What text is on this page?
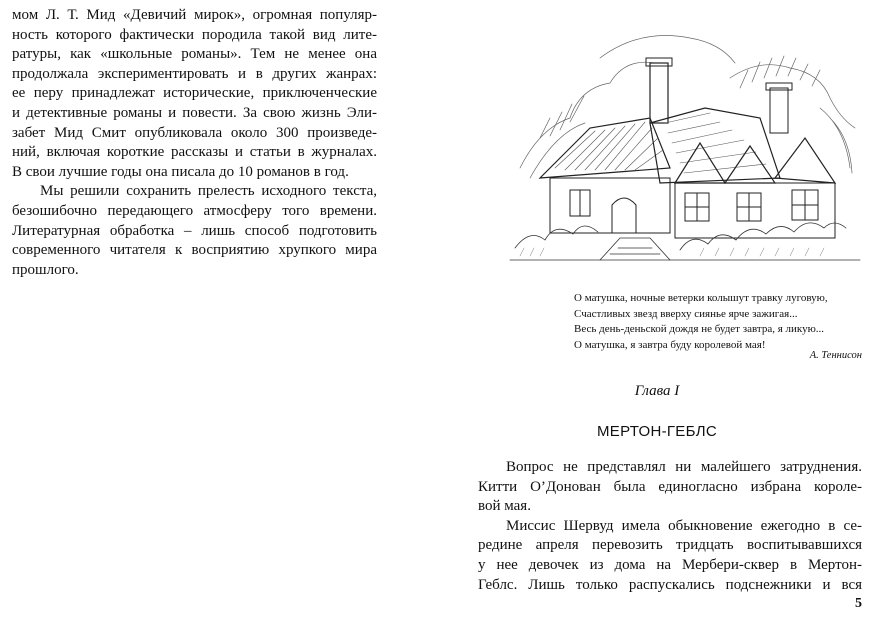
мом Л. Т. Мид «Девичий мирок», огромная популяр-
ность которого фактически породила такой вид лите-
ратуры, как «школьные романы». Тем не менее она
продолжала экспериментировать и в других жанрах:
ее перу принадлежат исторические, приключенческие
и детективные романы и повести. За свою жизнь Эли-
забет Мид Смит опубликовала около 300 произведе-
ний, включая короткие рассказы и статьи в журналах.
В свои лучшие годы она писала до 10 романов в год.
Мы решили сохранить прелесть исходного текста,
безошибочно передающего атмосферу того времени.
Литературная обработка – лишь способ подготовить
современного читателя к восприятию хрупкого мира
прошлого.
О матушка, ночные ветерки колышут травку луговую,
Счастливых звезд вверху сиянье ярче зажигая...
Весь день-деньской дождя не будет завтра, я ликую...
О матушка, я завтра буду королевой мая!
А. Теннисон
Глава I
МЕРТОН-ГЕБЛС
Вопрос не представлял ни малейшего затруднения.
Китти О’Донован была единогласно избрана короле-
вой мая.
Миссис Шервуд имела обыкновение ежегодно в се-
редине апреля перевозить тридцать воспитывавшихся
у нее девочек из дома на Мербери-сквер в Мертон-
Геблс. Лишь только распускались подснежники и вся
5
